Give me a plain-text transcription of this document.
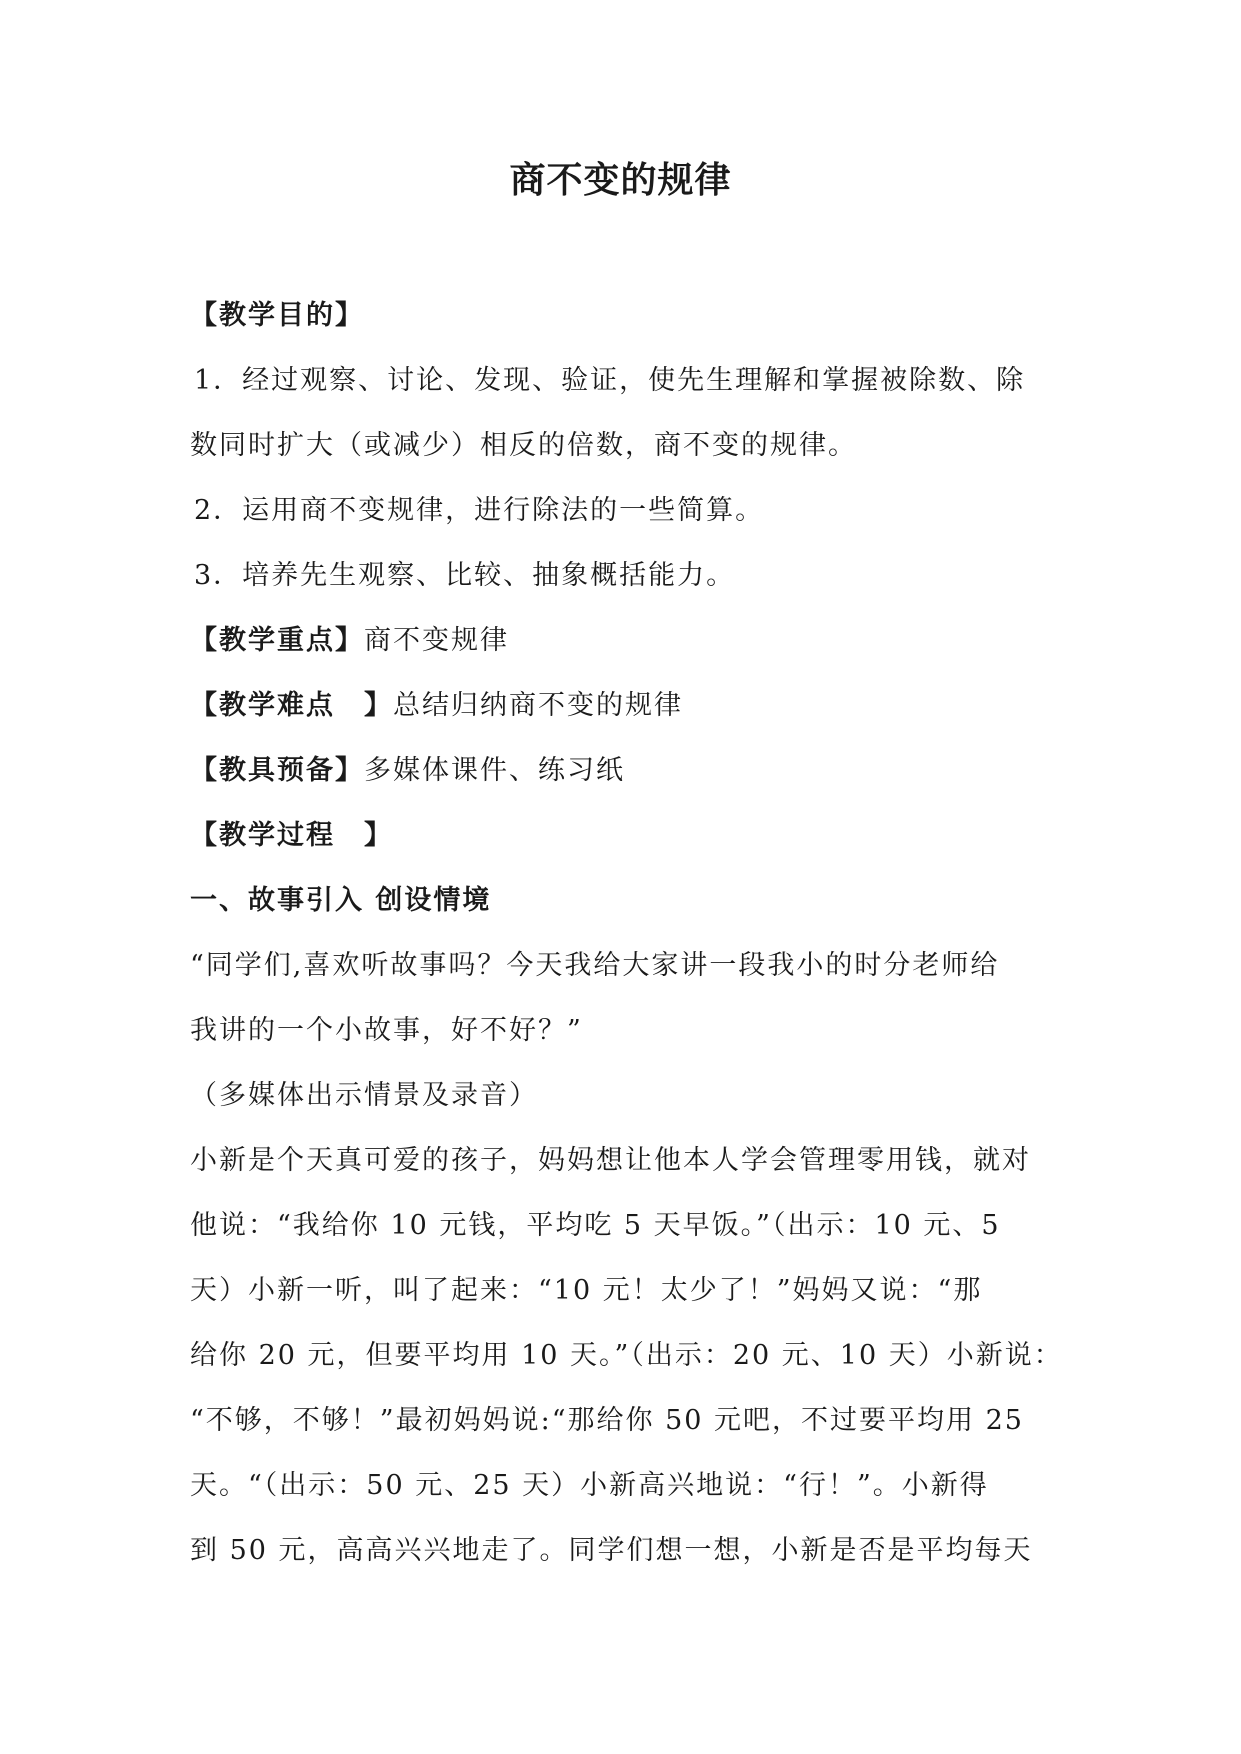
商不变的规律
【教学目的】
1．经过观察、讨论、发现、验证，使先生理解和掌握被除数、除
数同时扩大（或减少）相反的倍数，商不变的规律。
2．运用商不变规律，进行除法的一些简算。
3．培养先生观察、比较、抽象概括能力。
【教学重点】商不变规律
【教学难点　】总结归纳商不变的规律
【教具预备】多媒体课件、练习纸
【教学过程　】
一、故事引入 创设情境
“同学们,喜欢听故事吗？今天我给大家讲一段我小的时分老师给
我讲的一个小故事，好不好？”
（多媒体出示情景及录音）
小新是个天真可爱的孩子，妈妈想让他本人学会管理零用钱，就对
他说：“我给你 10 元钱，平均吃 5 天早饭。”（出示：10 元、5
天）小新一听，叫了起来：“10 元！太少了！”妈妈又说：“那
给你 20 元，但要平均用 10 天。”（出示：20 元、10 天）小新说：
“不够，不够！”最初妈妈说:“那给你 50 元吧，不过要平均用 25
天。“（出示：50 元、25 天）小新高兴地说：“行！”。小新得
到 50 元，高高兴兴地走了。同学们想一想，小新是否是平均每天
